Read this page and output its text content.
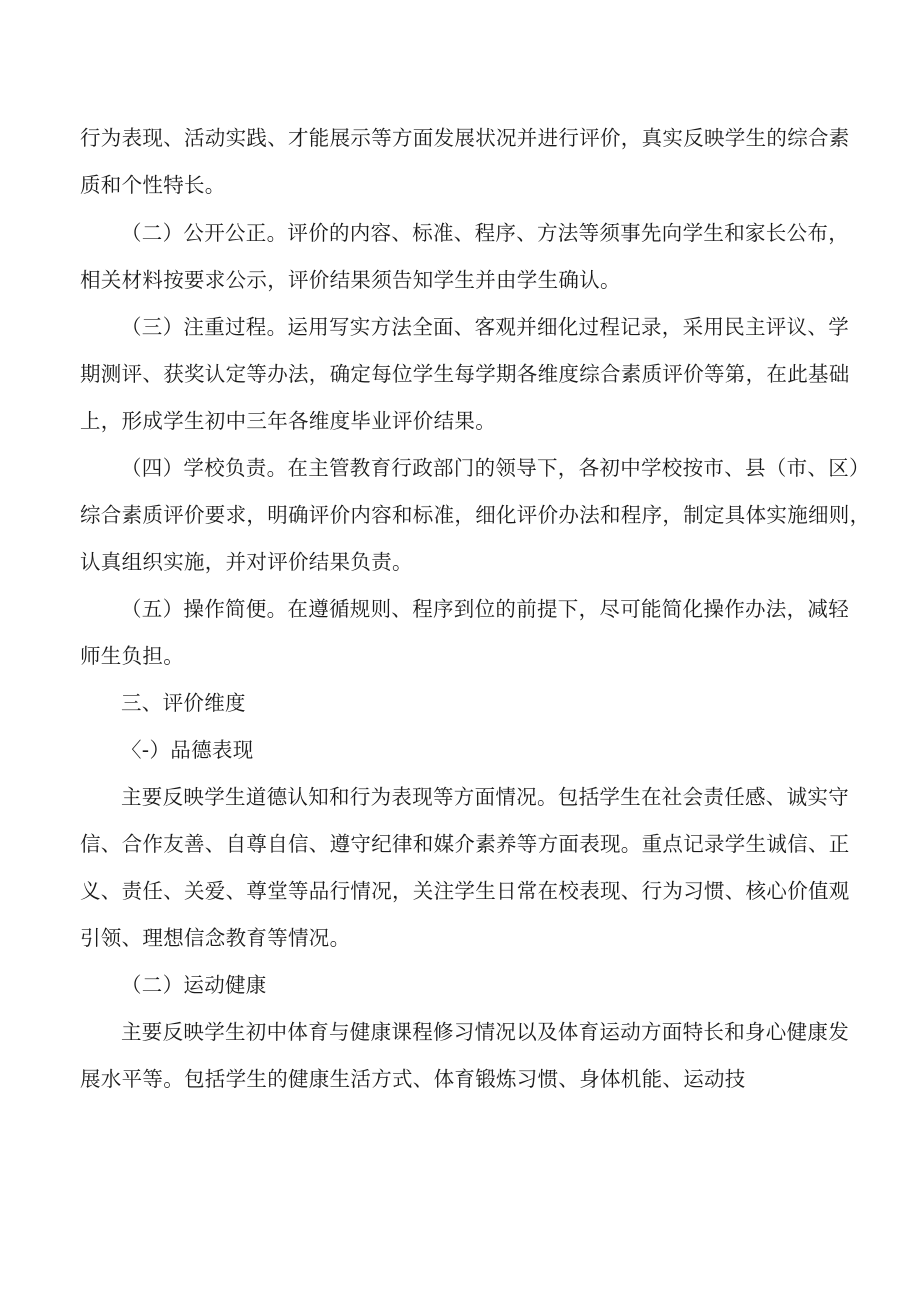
行为表现、活动实践、才能展示等方面发展状况并进行评价，真实反映学生的综合素
质和个性特长。
（二）公开公正。评价的内容、标准、程序、方法等须事先向学生和家长公布，
相关材料按要求公示，评价结果须告知学生并由学生确认。
（三）注重过程。运用写实方法全面、客观并细化过程记录，采用民主评议、学
期测评、获奖认定等办法，确定每位学生每学期各维度综合素质评价等第，在此基础
上，形成学生初中三年各维度毕业评价结果。
（四）学校负责。在主管教育行政部门的领导下，各初中学校按市、县（市、区）
综合素质评价要求，明确评价内容和标准，细化评价办法和程序，制定具体实施细则，
认真组织实施，并对评价结果负责。
（五）操作简便。在遵循规则、程序到位的前提下，尽可能简化操作办法，减轻
师生负担。
三、评价维度
〈-）品德表现
主要反映学生道德认知和行为表现等方面情况。包括学生在社会责任感、诚实守
信、合作友善、自尊自信、遵守纪律和媒介素养等方面表现。重点记录学生诚信、正
义、责任、关爱、尊堂等品行情况，关注学生日常在校表现、行为习惯、核心价值观
引领、理想信念教育等情况。
（二）运动健康
主要反映学生初中体育与健康课程修习情况以及体育运动方面特长和身心健康发
展水平等。包括学生的健康生活方式、体育锻炼习惯、身体机能、运动技
